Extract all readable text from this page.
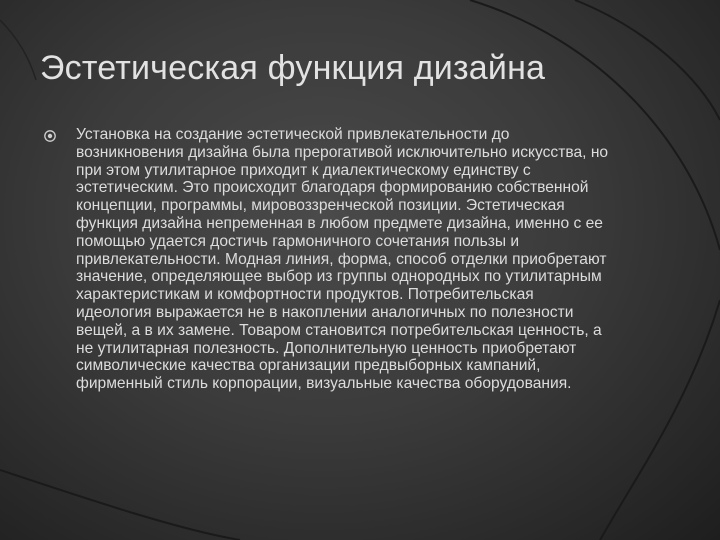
Эстетическая функция дизайна
Установка на создание эстетической привлекательности до возникновения дизайна была прерогативой исключительно искусства, но при этом утилитарное приходит к диалектическому единству с эстетическим. Это происходит благодаря формированию собственной концепции, программы, мировоззренческой позиции. Эстетическая функция дизайна непременная в любом предмете дизайна, именно с ее помощью удается достичь гармоничного сочетания пользы и привлекательности. Модная линия, форма, способ отделки приобретают значение, определяющее выбор из группы однородных по утилитарным характеристикам и комфортности продуктов. Потребительская идеология выражается не в накоплении аналогичных по полезности вещей, а в их замене. Товаром становится потребительская ценность, а не утилитарная полезность. Дополнительную ценность приобретают символические качества организации предвыборных кампаний, фирменный стиль корпорации, визуальные качества оборудования.
